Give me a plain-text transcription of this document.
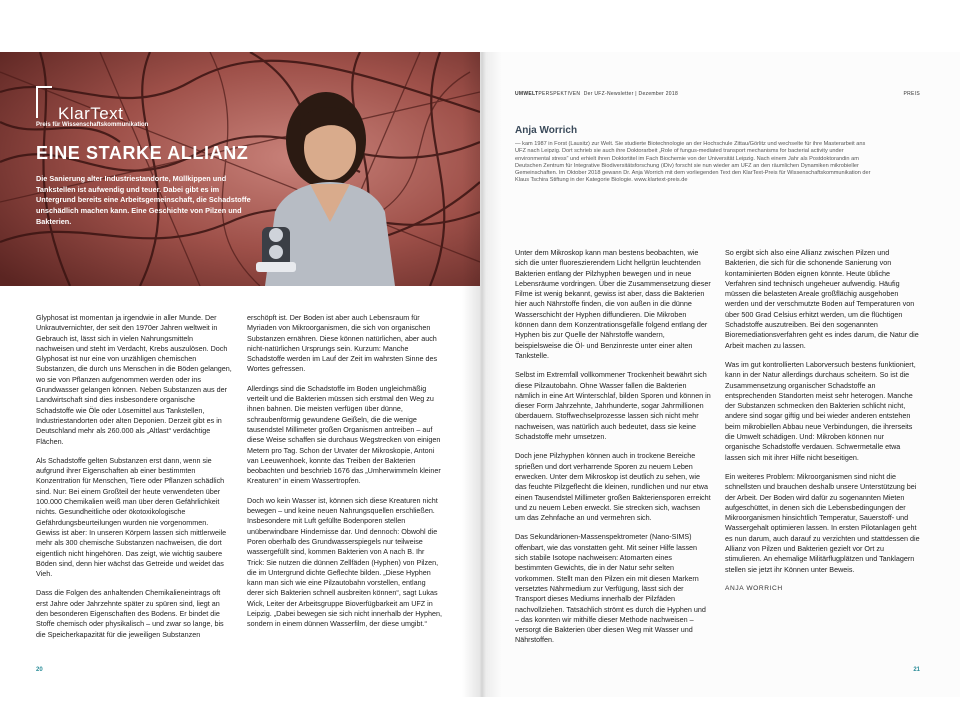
KlarText
Preis für Wissenschaftskommunikation
EINE STARKE ALLIANZ

Die Sanierung alter Industriestandorte, Müllkippen und Tankstellen ist aufwendig und teuer. Dabei gibt es im Untergrund bereits eine Arbeitsgemeinschaft, die Schadstoffe unschädlich machen kann. Eine Geschichte von Pilzen und Bakterien.

Glyphosat ist momentan ja irgendwie in aller Munde. Der Unkrautvernichter, der seit den 1970er Jahren weltweit in Gebrauch ist, lässt sich in vielen Nahrungsmitteln nachweisen und steht im Verdacht, Krebs auszulösen. Doch Glyphosat ist nur eine von unzähligen chemischen Substanzen, die durch uns Menschen in die Böden gelangen, wo sie von Pflanzen aufgenommen werden oder ins Grundwasser gelangen können. Neben Substanzen aus der Landwirtschaft sind dies insbesondere organische Schadstoffe wie Öle oder Lösemittel aus Tankstellen, Industriestandorten oder alten Deponien. Derzeit gibt es in Deutschland mehr als 260.000 als „Altlast“ verdächtige Flächen.

Als Schadstoffe gelten Substanzen erst dann, wenn sie aufgrund ihrer Eigenschaften ab einer bestimmten Konzentration für Menschen, Tiere oder Pflanzen schädlich sind. Nur: Bei einem Großteil der heute verwendeten über 100.000 Chemikalien weiß man über deren Gefährlichkeit nichts. Gesundheitliche oder ökotoxikologische Gefährdungsbeurteilungen wurden nie vorgenommen. Gewiss ist aber: In unseren Körpern lassen sich mittlerweile mehr als 300 chemische Substanzen nachweisen, die dort eigentlich nicht hingehören. Das zeigt, wie wichtig saubere Böden sind, denn hier wächst das Getreide und weidet das Vieh.

Dass die Folgen des anhaltenden Chemikalieneintrags oft erst Jahre oder Jahrzehnte später zu spüren sind, liegt an den besonderen Eigenschaften des Bodens. Er bindet die Stoffe chemisch oder physikalisch – und zwar so lange, bis die Speicherkapazität für die jeweiligen Substanzen

erschöpft ist. Der Boden ist aber auch Lebensraum für Myriaden von Mikroorganismen, die sich von organischen Substanzen ernähren. Diese können natürlichen, aber auch nicht-natürlichen Ursprungs sein. Kurzum: Manche Schadstoffe werden im Lauf der Zeit im wahrsten Sinne des Wortes gefressen.

Allerdings sind die Schadstoffe im Boden ungleichmäßig verteilt und die Bakterien müssen sich erstmal den Weg zu ihnen bahnen. Die meisten verfügen über dünne, schraubenförmig gewundene Geißeln, die die wenige tausendstel Millimeter großen Organismen antreiben – auf diese Weise schaffen sie durchaus Wegstrecken von einigen Metern pro Tag. Schon der Urvater der Mikroskopie, Antoni van Leeuwenhoek, konnte das Treiben der Bakterien beobachten und beschrieb 1676 das „Umherwimmeln kleiner Kreaturen“ in einem Wassertropfen.

Doch wo kein Wasser ist, können sich diese Kreaturen nicht bewegen – und keine neuen Nahrungsquellen erschließen. Insbesondere mit Luft gefüllte Bodenporen stellen unüberwindbare Hindernisse dar. Und dennoch: Obwohl die Poren oberhalb des Grundwasserspiegels nur teilweise wassergefüllt sind, kommen Bakterien von A nach B. Ihr Trick: Sie nutzen die dünnen Zellfäden (Hyphen) von Pilzen, die im Untergrund dichte Geflechte bilden. „Diese Hyphen kann man sich wie eine Pilzautobahn vorstellen, entlang derer sich Bakterien schnell ausbreiten können“, sagt Lukas Wick, Leiter der Arbeitsgruppe Bioverfügbarkeit am UFZ in Leipzig. „Dabei bewegen sie sich nicht innerhalb der Hyphen, sondern in einem dünnen Wasserfilm, der diese umgibt.“

20
UMWELTPERSPEKTIVEN Der UFZ-Newsletter | Dezember 2018	PREIS
Anja Worrich

— kam 1987 in Forst (Lausitz) zur Welt. Sie studierte Biotechnologie an der Hochschule Zittau/Görlitz und wechselte für ihre Masterarbeit ans UFZ nach Leipzig. Dort schrieb sie auch ihre Doktorarbeit „Role of fungus-mediated transport mechanisms for bacterial activity under environmental stress“ und erhielt ihren Doktortitel im Fach Biochemie von der Universität Leipzig. Nach einem Jahr als Postdoktorandin am Deutschen Zentrum für Integrative Biodiversitätsforschung (iDiv) forscht sie nun wieder am UFZ an den räumlichen Dynamiken mikrobieller Gemeinschaften. Im Oktober 2018 gewann Dr. Anja Worrich mit dem vorliegenden Text den KlarText-Preis für Wissenschaftskommunikation der Klaus Tschira Stiftung in der Kategorie Biologie. www.klartext-preis.de

Unter dem Mikroskop kann man bestens beobachten, wie sich die unter fluoreszierendem Licht hellgrün leuchtenden Bakterien entlang der Pilzhyphen bewegen und in neue Lebensräume vordringen. Über die Zusammensetzung dieser Filme ist wenig bekannt, gewiss ist aber, dass die Bakterien hier auch Nährstoffe finden, die von außen in die dünne Wasserschicht der Hyphen diffundieren. Die Mikroben können dann dem Konzentrationsgefälle folgend entlang der Hyphen bis zur Quelle der Nährstoffe wandern, beispielsweise die Öl- und Benzinreste unter einer alten Tankstelle.

Selbst im Extremfall vollkommener Trockenheit bewährt sich diese Pilzautobahn. Ohne Wasser fallen die Bakterien nämlich in eine Art Winterschlaf, bilden Sporen und können in dieser Form Jahrzehnte, Jahrhunderte, sogar Jahrmillionen überdauern. Stoffwechselprozesse lassen sich nicht mehr nachweisen, was natürlich auch bedeutet, dass sie keine Schadstoffe mehr umsetzen.

Doch jene Pilzhyphen können auch in trockene Bereiche sprießen und dort verharrende Sporen zu neuem Leben erwecken. Unter dem Mikroskop ist deutlich zu sehen, wie das feuchte Pilzgeflecht die kleinen, rundlichen und nur etwa einen Tausendstel Millimeter großen Bakteriensporen erreicht und zu neuem Leben erweckt. Sie strecken sich, wachsen um das Zehnfache an und vermehren sich.

Das Sekundärionen-Massenspektrometer (Nano-SIMS) offenbart, wie das vonstatten geht. Mit seiner Hilfe lassen sich stabile Isotope nachweisen: Atomarten eines bestimmten Gewichts, die in der Natur sehr selten vorkommen. Stellt man den Pilzen ein mit diesen Markern versetztes Nährmedium zur Verfügung, lässt sich der Transport dieses Mediums innerhalb der Pilzfäden nachvollziehen. Tatsächlich strömt es durch die Hyphen und – das konnten wir mithilfe dieser Methode nachweisen – versorgt die Bakterien über diesen Weg mit Wasser und Nährstoffen.

So ergibt sich also eine Allianz zwischen Pilzen und Bakterien, die sich für die schonende Sanierung von kontaminierten Böden eignen könnte. Heute übliche Verfahren sind technisch ungeheuer aufwendig. Häufig müssen die belasteten Areale großflächig ausgehoben werden und der verschmutzte Boden auf Temperaturen von über 500 Grad Celsius erhitzt werden, um die flüchtigen Schadstoffe auszutreiben. Bei den sogenannten Bioremediationsverfahren geht es indes darum, die Natur die Arbeit machen zu lassen.

Was im gut kontrollierten Laborversuch bestens funktioniert, kann in der Natur allerdings durchaus scheitern. So ist die Zusammensetzung organischer Schadstoffe an entsprechenden Standorten meist sehr heterogen. Manche der Substanzen schmecken den Bakterien schlicht nicht, andere sind sogar giftig und bei wieder anderen entstehen beim mikrobiellen Abbau neue Verbindungen, die ihrerseits die Umwelt schädigen. Und: Mikroben können nur organische Schadstoffe verdauen. Schwermetalle etwa lassen sich mit ihrer Hilfe nicht beseitigen.

Ein weiteres Problem: Mikroorganismen sind nicht die schnellsten und brauchen deshalb unsere Unterstützung bei der Arbeit. Der Boden wird dafür zu sogenannten Mieten aufgeschüttet, in denen sich die Lebensbedingungen der Mikroorganismen hinsichtlich Temperatur, Sauerstoff- und Wassergehalt optimieren lassen. In ersten Pilotanlagen geht es nun darum, auch darauf zu verzichten und stattdessen die Allianz von Pilzen und Bakterien gezielt vor Ort zu stimulieren. An ehemalige Militärflugplätzen und Tanklagern stellen sie jetzt ihr Können unter Beweis.

ANJA WORRICH
21
